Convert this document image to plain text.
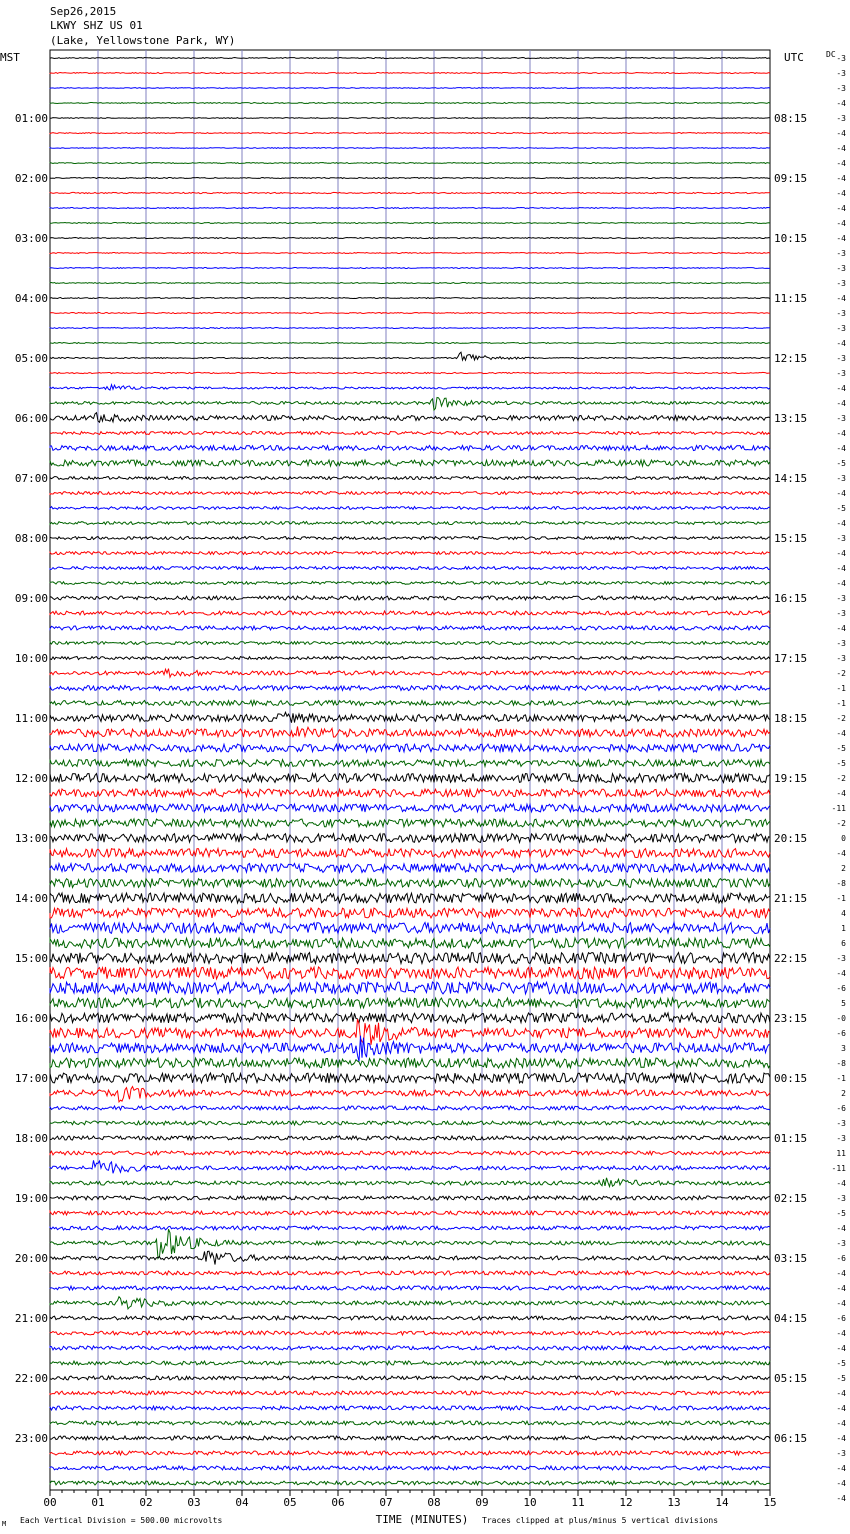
Sep26,2015
LKWY SHZ US 01
(Lake, Yellowstone Park, WY)
MST	UTC	DC
01:00
02:00
03:00
04:00
05:00
06:00
07:00
08:00
09:00
10:00
11:00
12:00
13:00
14:00
15:00
16:00
17:00
18:00
19:00
20:00
21:00
22:00
23:00
08:15
09:15
10:15
11:15
12:15
13:15
14:15
15:15
16:15
17:15
18:15
19:15
20:15
21:15
22:15
23:15
00:15
01:15
02:15
03:15
04:15
05:15
06:15
-3
-3
-3
-4
-3
-4
-4
-4
-4
-4
-4
-4
-4
-3
-3
-3
-4
-3
-3
-4
-3
-3
-4
-4
-3
-4
-4
-5
-3
-4
-5
-4
-3
-4
-4
-4
-3
-3
-4
-3
-3
-2
-1
-1
-2
-4
-5
-5
-2
-4
-11
-2
0
-4
2
-8
-1
4
1
6
-3
-4
-6
5
-0
-6
3
-8
-1
2
-6
-3
-3
11
-11
-4
-3
-5
-4
-3
-6
-4
-4
-4
-6
-4
-4
-5
-5
-4
-4
-4
-4
-3
-4
-4
-4
00	01	02	03	04	05	06	07	08	09	10	11	12	13	14	15
TIME (MINUTES)
Each Vertical Division = 500.00 microvolts	Traces clipped at plus/minus 5 vertical divisions
M
